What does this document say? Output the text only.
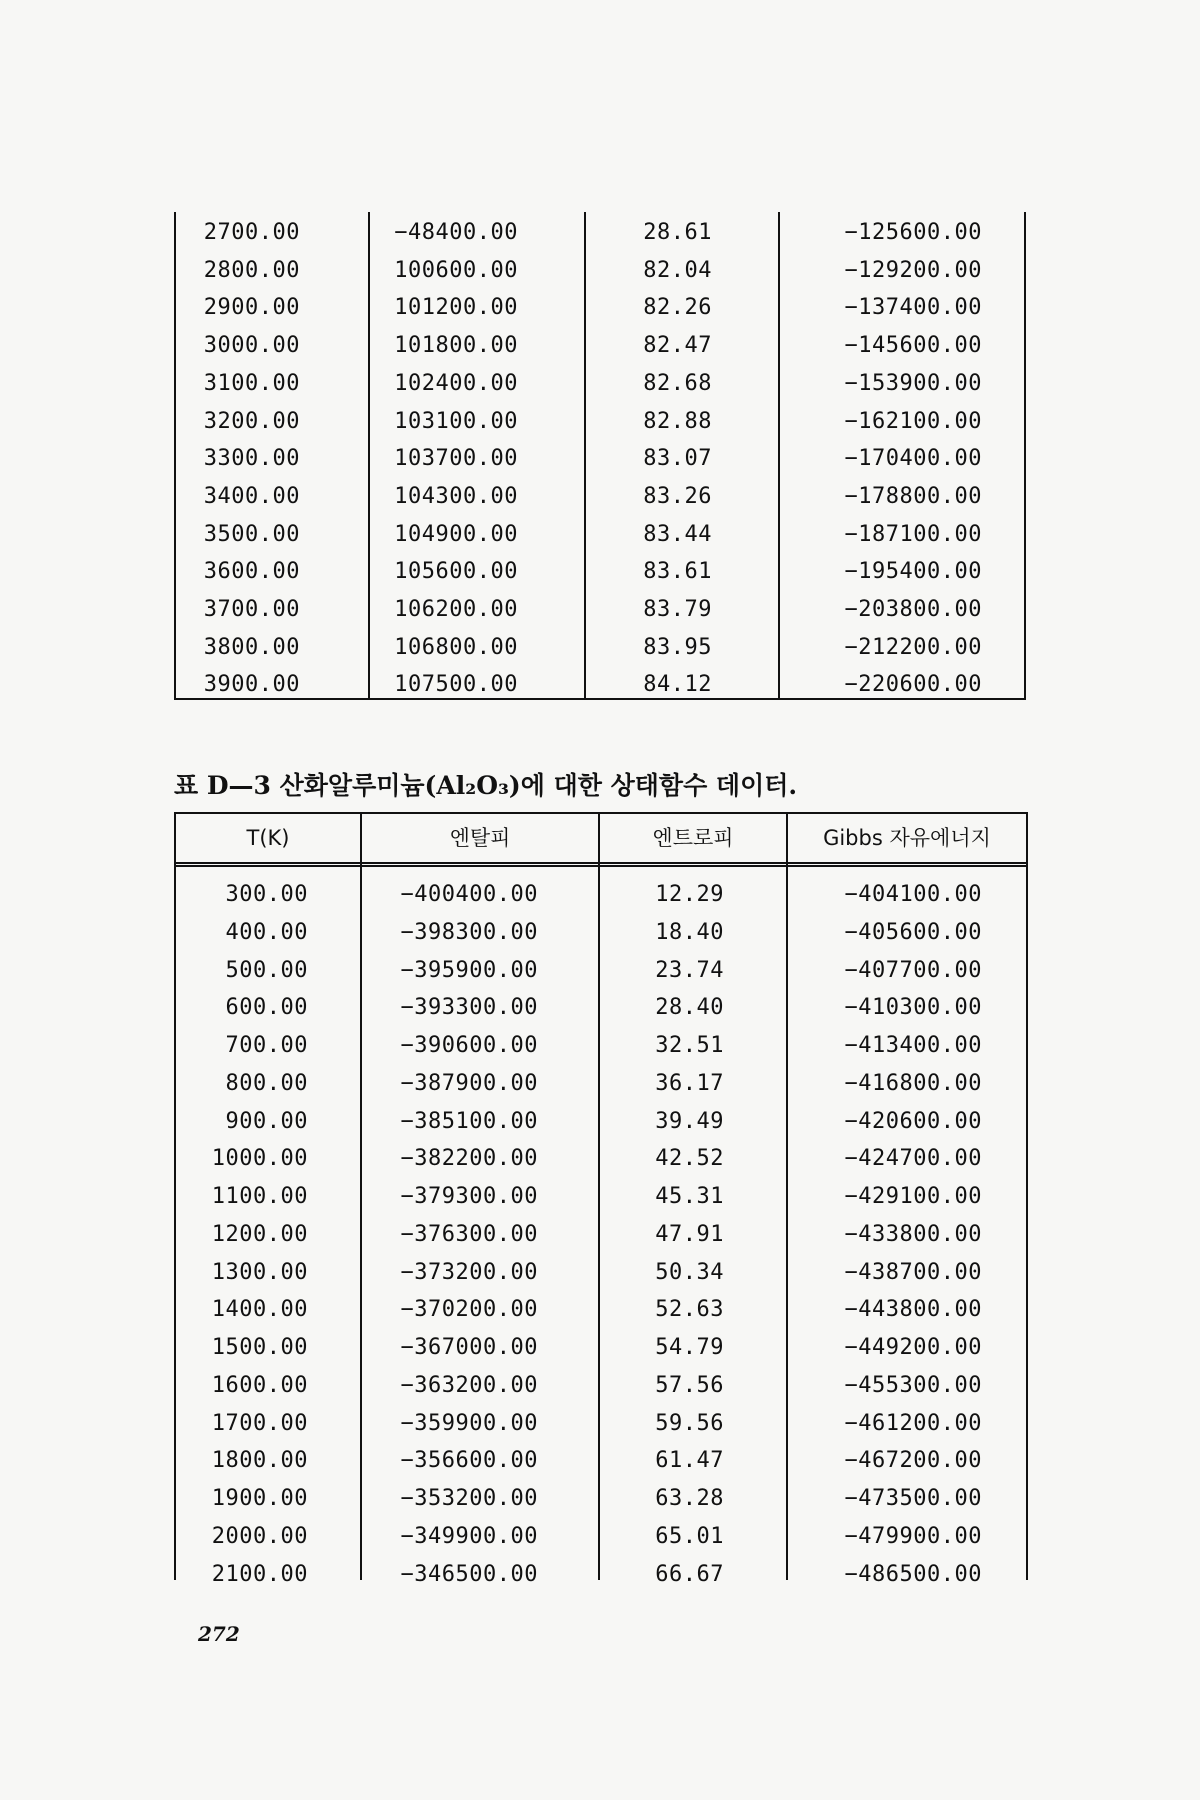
2700.00	−48400.00	28.61	−125600.00
2800.00	100600.00	82.04	−129200.00
2900.00	101200.00	82.26	−137400.00
3000.00	101800.00	82.47	−145600.00
3100.00	102400.00	82.68	−153900.00
3200.00	103100.00	82.88	−162100.00
3300.00	103700.00	83.07	−170400.00
3400.00	104300.00	83.26	−178800.00
3500.00	104900.00	83.44	−187100.00
3600.00	105600.00	83.61	−195400.00
3700.00	106200.00	83.79	−203800.00
3800.00	106800.00	83.95	−212200.00
3900.00	107500.00	84.12	−220600.00
표 D—3 산화알루미늄(Al₂O₃)에 대한 상태함수 데이터.
T(K)	엔탈피	엔트로피	Gibbs 자유에너지
300.00	−400400.00	12.29	−404100.00
400.00	−398300.00	18.40	−405600.00
500.00	−395900.00	23.74	−407700.00
600.00	−393300.00	28.40	−410300.00
700.00	−390600.00	32.51	−413400.00
800.00	−387900.00	36.17	−416800.00
900.00	−385100.00	39.49	−420600.00
1000.00	−382200.00	42.52	−424700.00
1100.00	−379300.00	45.31	−429100.00
1200.00	−376300.00	47.91	−433800.00
1300.00	−373200.00	50.34	−438700.00
1400.00	−370200.00	52.63	−443800.00
1500.00	−367000.00	54.79	−449200.00
1600.00	−363200.00	57.56	−455300.00
1700.00	−359900.00	59.56	−461200.00
1800.00	−356600.00	61.47	−467200.00
1900.00	−353200.00	63.28	−473500.00
2000.00	−349900.00	65.01	−479900.00
2100.00	−346500.00	66.67	−486500.00
272
